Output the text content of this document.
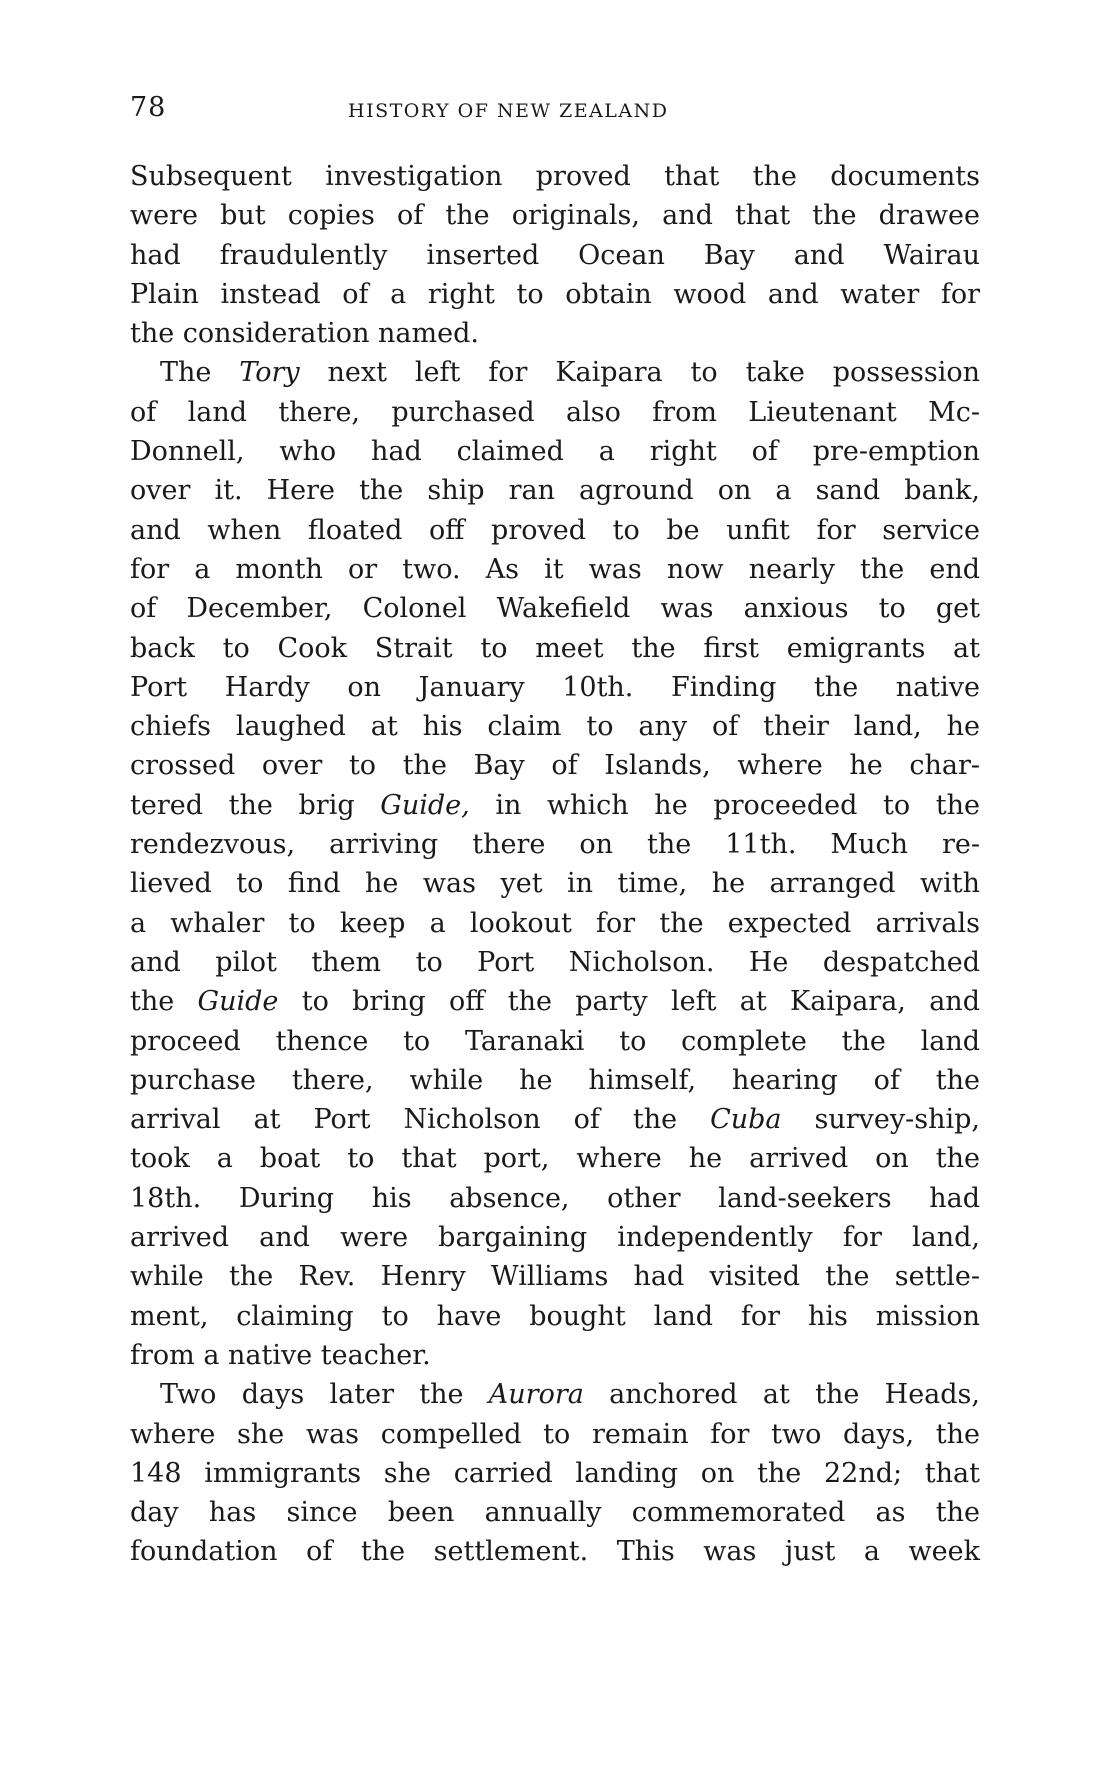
78	HISTORY OF NEW ZEALAND
Subsequent investigation proved that the documents
were but copies of the originals, and that the drawee
had fraudulently inserted Ocean Bay and Wairau
Plain instead of a right to obtain wood and water for
the consideration named.
The Tory next left for Kaipara to take possession
of land there, purchased also from Lieutenant Mc-
Donnell, who had claimed a right of pre-emption
over it. Here the ship ran aground on a sand bank,
and when floated off proved to be unfit for service
for a month or two. As it was now nearly the end
of December, Colonel Wakefield was anxious to get
back to Cook Strait to meet the first emigrants at
Port Hardy on January 10th. Finding the native
chiefs laughed at his claim to any of their land, he
crossed over to the Bay of Islands, where he char-
tered the brig Guide, in which he proceeded to the
rendezvous, arriving there on the 11th. Much re-
lieved to find he was yet in time, he arranged with
a whaler to keep a lookout for the expected arrivals
and pilot them to Port Nicholson. He despatched
the Guide to bring off the party left at Kaipara, and
proceed thence to Taranaki to complete the land
purchase there, while he himself, hearing of the
arrival at Port Nicholson of the Cuba survey-ship,
took a boat to that port, where he arrived on the
18th. During his absence, other land-seekers had
arrived and were bargaining independently for land,
while the Rev. Henry Williams had visited the settle-
ment, claiming to have bought land for his mission
from a native teacher.
Two days later the Aurora anchored at the Heads,
where she was compelled to remain for two days, the
148 immigrants she carried landing on the 22nd; that
day has since been annually commemorated as the
foundation of the settlement. This was just a week
